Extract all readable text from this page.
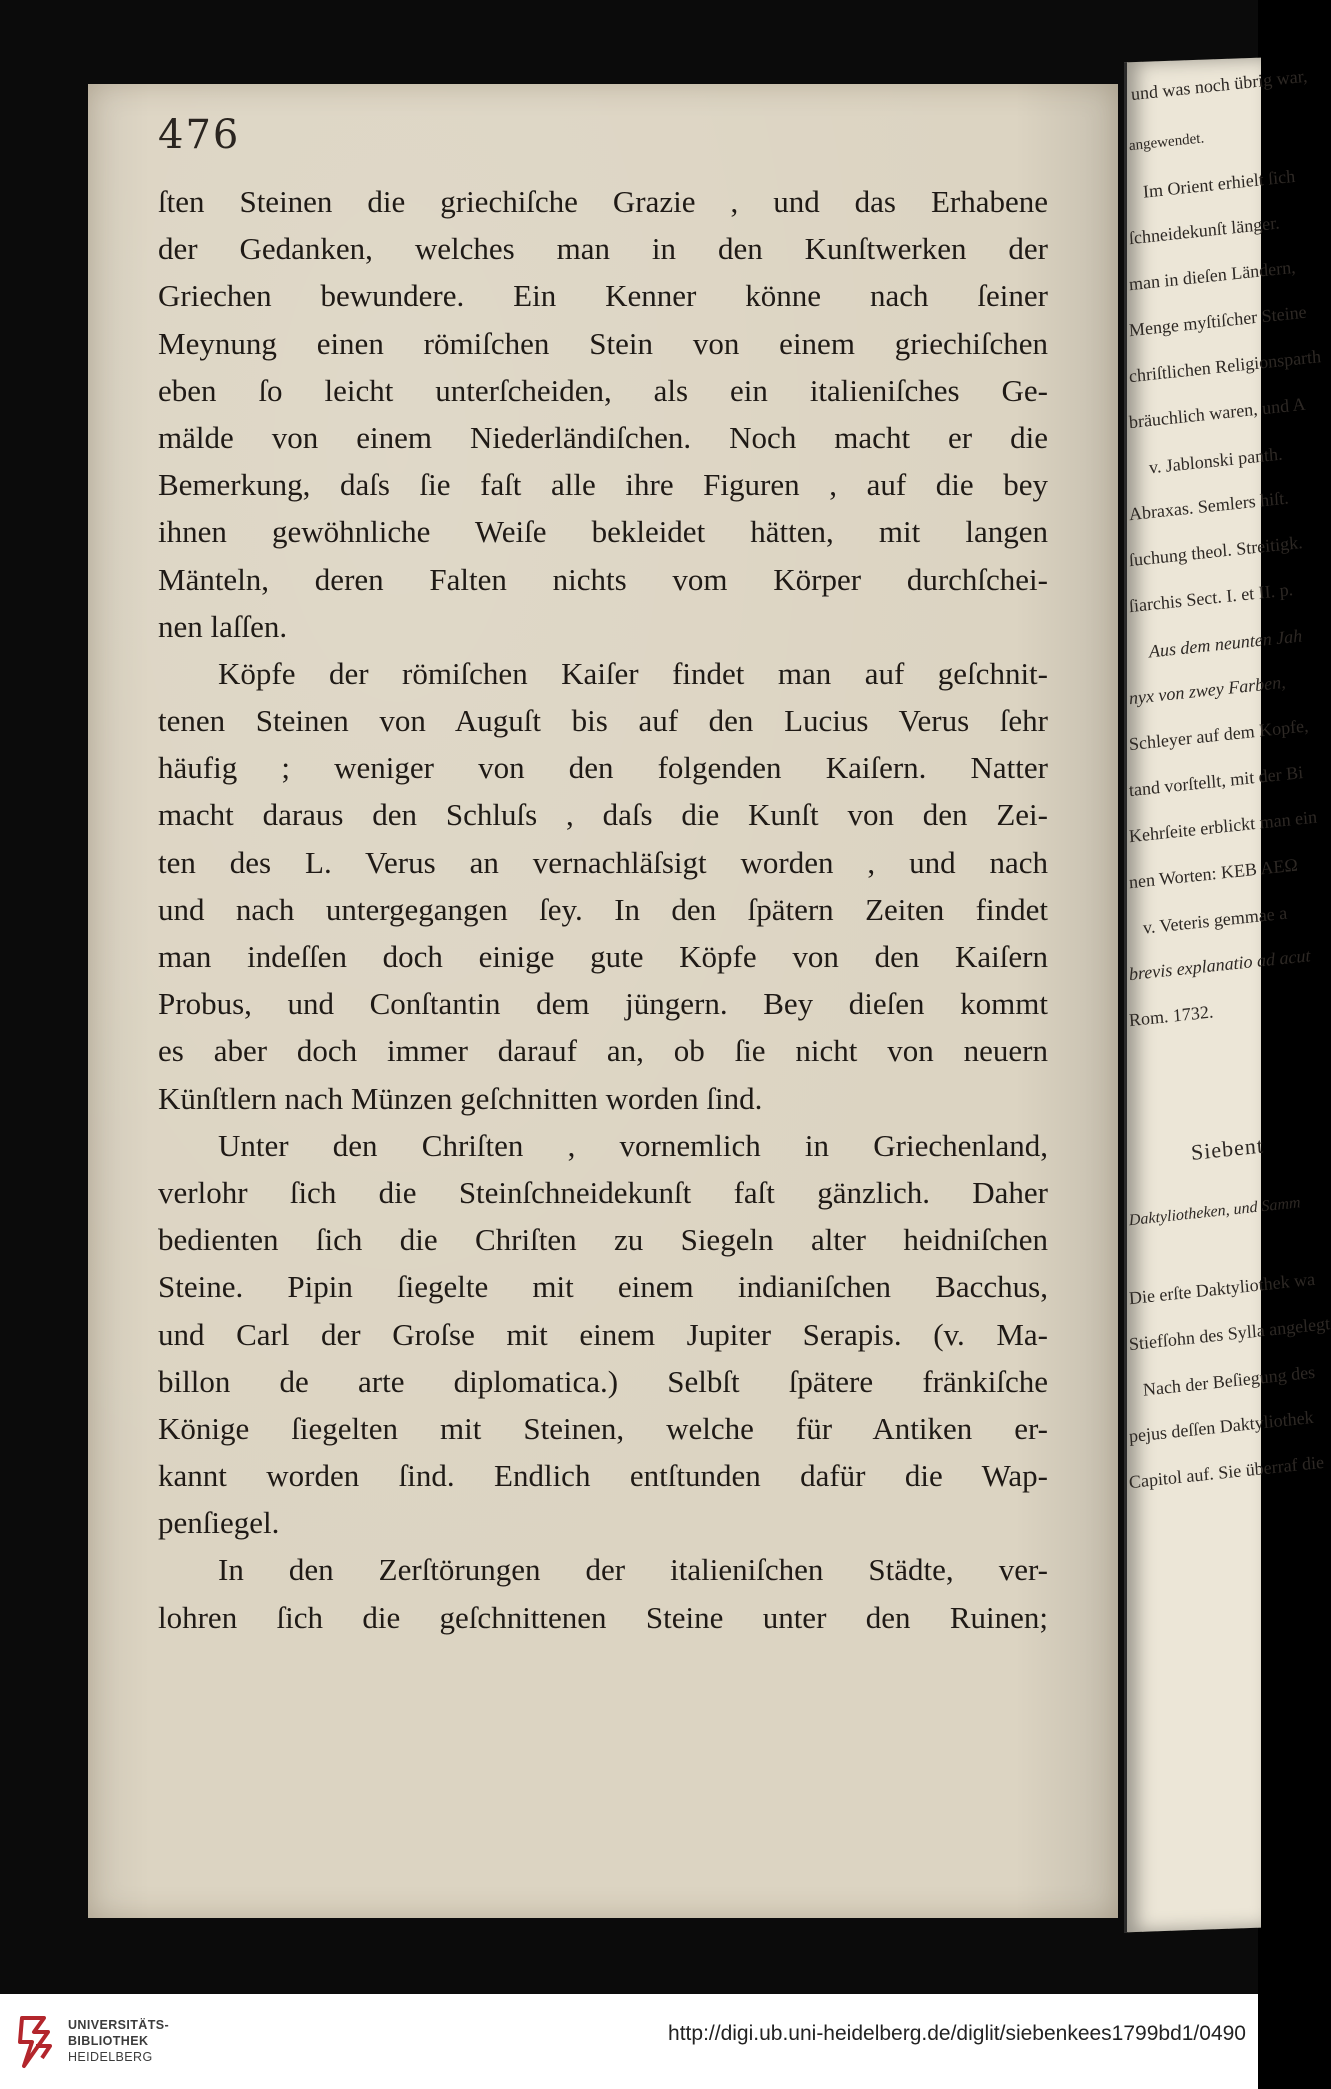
476
ſten Steinen die griechiſche Grazie , und das Erhabene
der Gedanken, welches man in den Kunſtwerken der
Griechen bewundere. Ein Kenner könne nach ſeiner
Meynung einen römiſchen Stein von einem griechiſchen
eben ſo leicht unterſcheiden, als ein italieniſches Ge-
mälde von einem Niederländiſchen. Noch macht er die
Bemerkung, daſs ſie faſt alle ihre Figuren , auf die bey
ihnen gewöhnliche Weiſe bekleidet hätten, mit langen
Mänteln, deren Falten nichts vom Körper durchſchei-
nen laſſen.
Köpfe der römiſchen Kaiſer findet man auf geſchnit-
tenen Steinen von Auguſt bis auf den Lucius Verus ſehr
häufig ; weniger von den folgenden Kaiſern. Natter
macht daraus den Schluſs , daſs die Kunſt von den Zei-
ten des L. Verus an vernachläſsigt worden , und nach
und nach untergegangen ſey. In den ſpätern Zeiten findet
man indeſſen doch einige gute Köpfe von den Kaiſern
Probus, und Conſtantin dem jüngern. Bey dieſen kommt
es aber doch immer darauf an, ob ſie nicht von neuern
Künſtlern nach Münzen geſchnitten worden ſind.
Unter den Chriſten , vornemlich in Griechenland,
verlohr ſich die Steinſchneidekunſt faſt gänzlich. Daher
bedienten ſich die Chriſten zu Siegeln alter heidniſchen
Steine. Pipin ſiegelte mit einem indianiſchen Bacchus,
und Carl der Groſse mit einem Jupiter Serapis. (v. Ma-
billon de arte diplomatica.) Selbſt ſpätere fränkiſche
Könige ſiegelten mit Steinen, welche für Antiken er-
kannt worden ſind. Endlich entſtunden dafür die Wap-
penſiegel.
In den Zerſtörungen der italieniſchen Städte, ver-
lohren ſich die geſchnittenen Steine unter den Ruinen;
und was noch übrig war,
angewendet.
Im Orient erhielt ſich
ſchneidekunſt länger.
man in dieſen Ländern,
Menge myſtiſcher Steine
chriſtlichen Religionsparth
bräuchlich waren, und A
v. Jablonski panth.
Abraxas. Semlers hiſt.
ſuchung theol. Streitigk.
ſiarchis Sect. I. et II. p.
Aus dem neunten Jah
nyx von zwey Farben,
Schleyer auf dem Kopfe,
tand vorſtellt, mit der Bi
Kehrſeite erblickt man ein
nen Worten: ΚΕΒ ΑΕΩ
v. Veteris gemmae a
brevis explanatio ad acut
Rom. 1732.
Siebent
Daktyliotheken, und Samm
Die erſte Daktyliothek wa
Stiefſohn des Sylla angelegt
Nach der Beſiegung des
pejus deſſen Daktyliothek
Capitol auf. Sie überraf die
UNIVERSITÄTS-
BIBLIOTHEK
HEIDELBERG
http://digi.ub.uni-heidelberg.de/diglit/siebenkees1799bd1/0490
